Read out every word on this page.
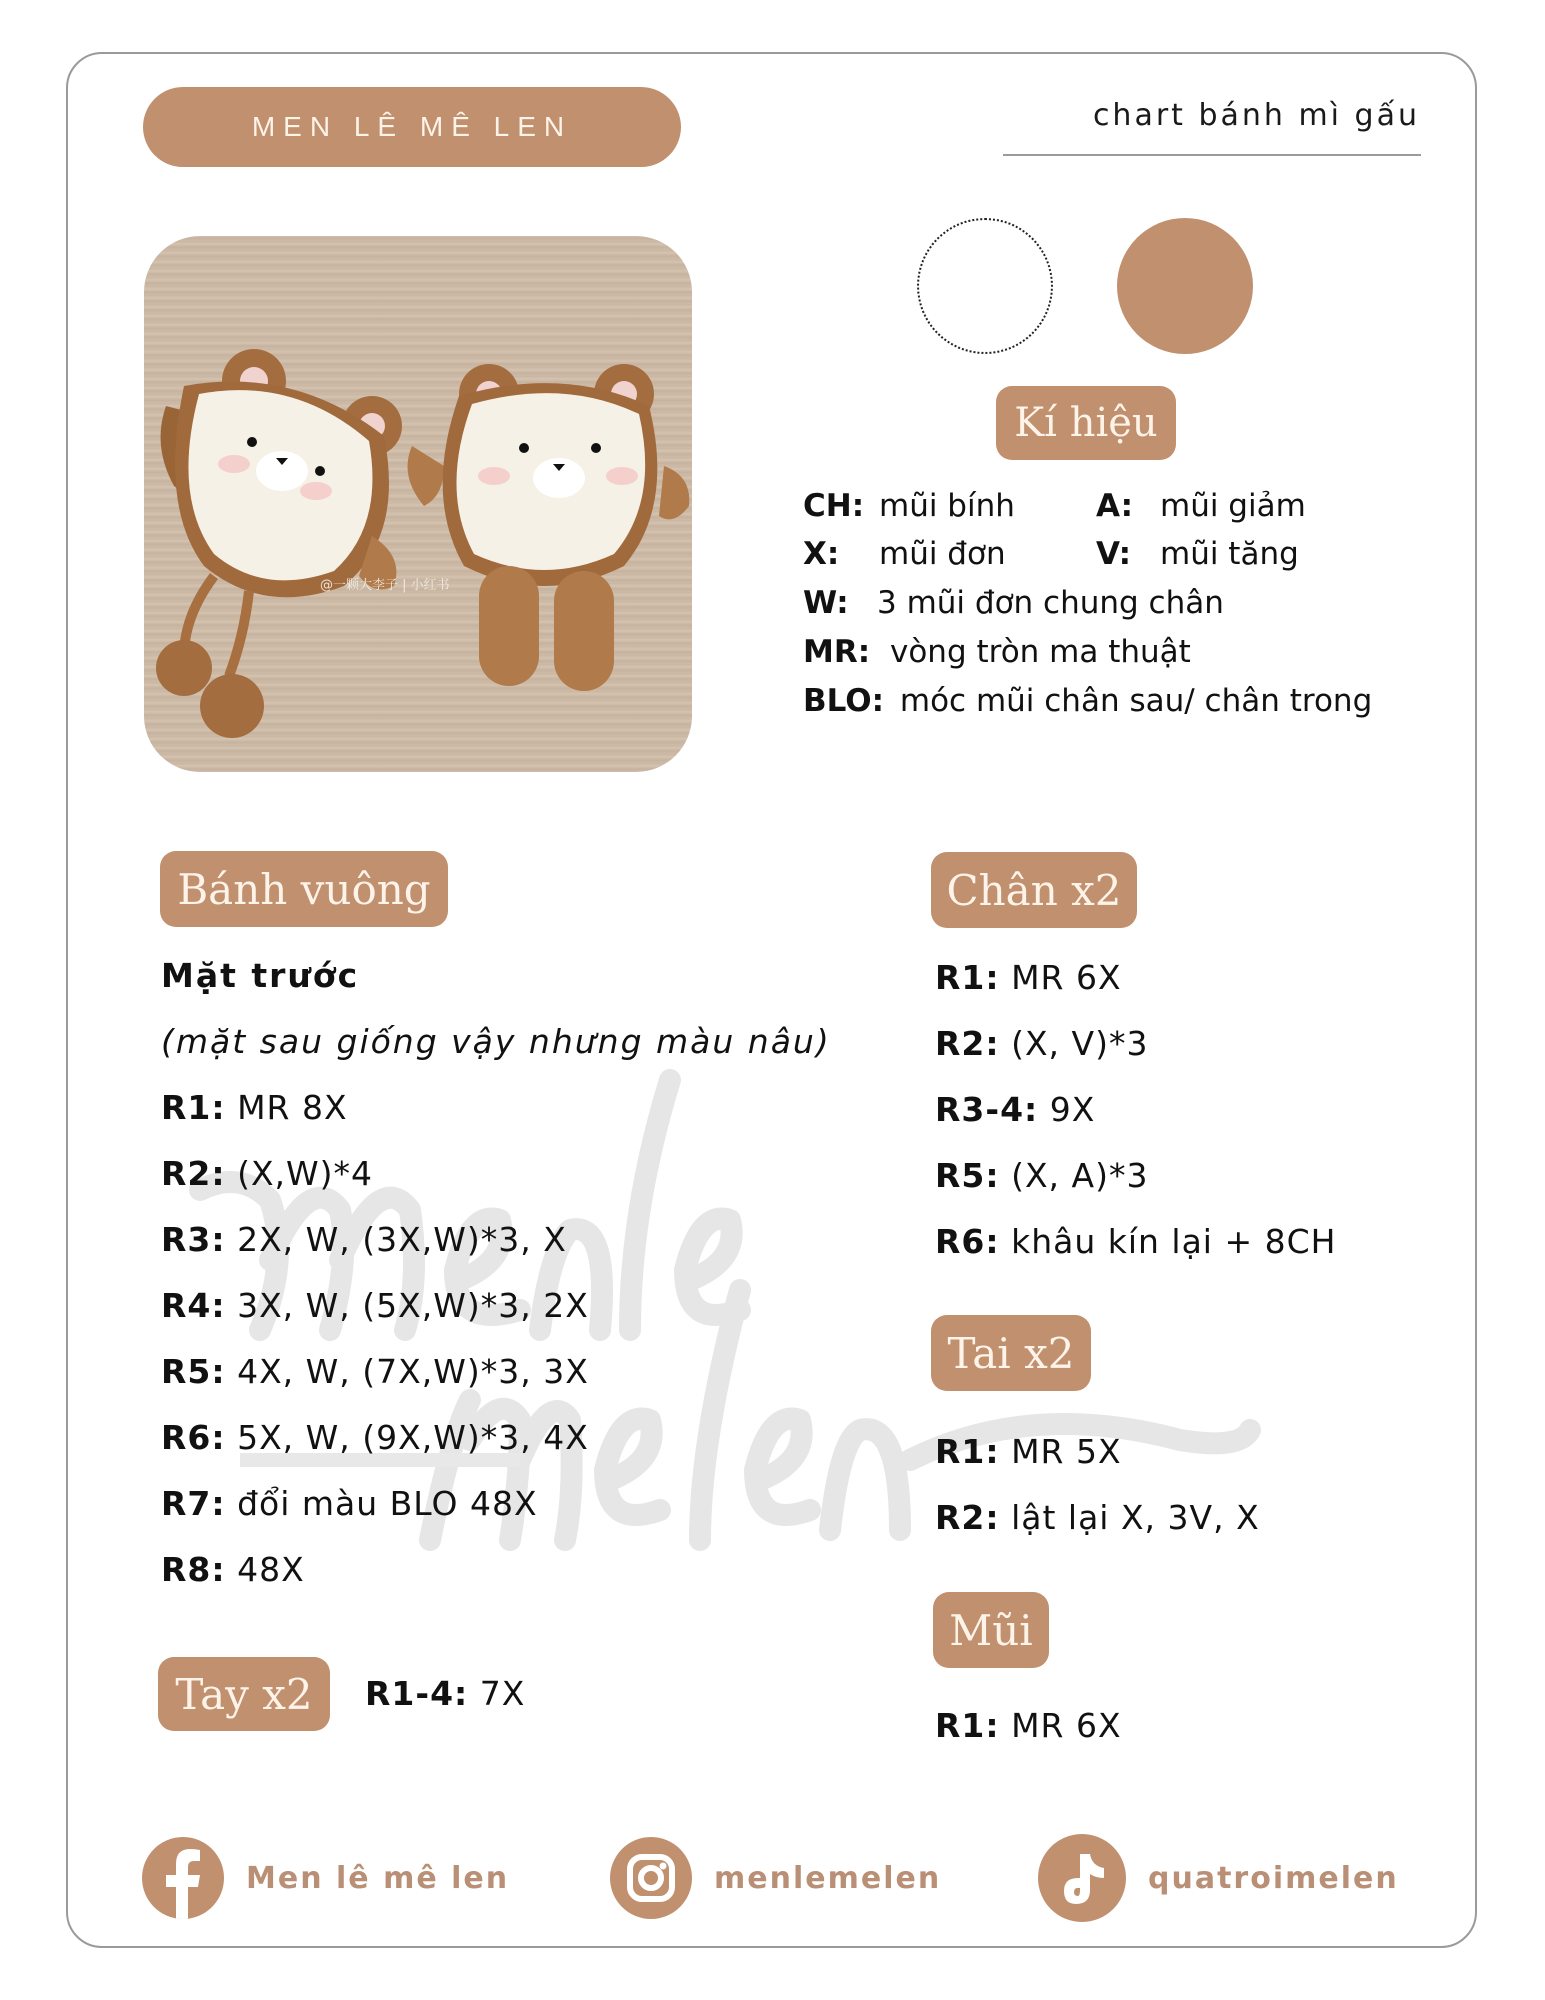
MEN LÊ MÊ LEN	chart bánh mì gấu
@一颗大李子 | 小红书
Kí hiệu
CH: mũi bính	A: mũi giảm
X: mũi đơn	V: mũi tăng
W: 3 mũi đơn chung chân
MR: vòng tròn ma thuật
BLO: móc mũi chân sau/ chân trong
Bánh vuông
Mặt trước
(mặt sau giống vậy nhưng màu nâu)
R1: MR 8X
R2: (X,W)*4
R3: 2X, W, (3X,W)*3, X
R4: 3X, W, (5X,W)*3, 2X
R5: 4X, W, (7X,W)*3, 3X
R6: 5X, W, (9X,W)*3, 4X
R7: đổi màu BLO 48X
R8: 48X
Tay x2 R1-4: 7X
Chân x2
R1: MR 6X
R2: (X, V)*3
R3-4: 9X
R5: (X, A)*3
R6: khâu kín lại + 8CH
Tai x2
R1: MR 5X
R2: lật lại X, 3V, X
Mũi
R1: MR 6X
Men lê mê len	menlemelen	quatroimelen
